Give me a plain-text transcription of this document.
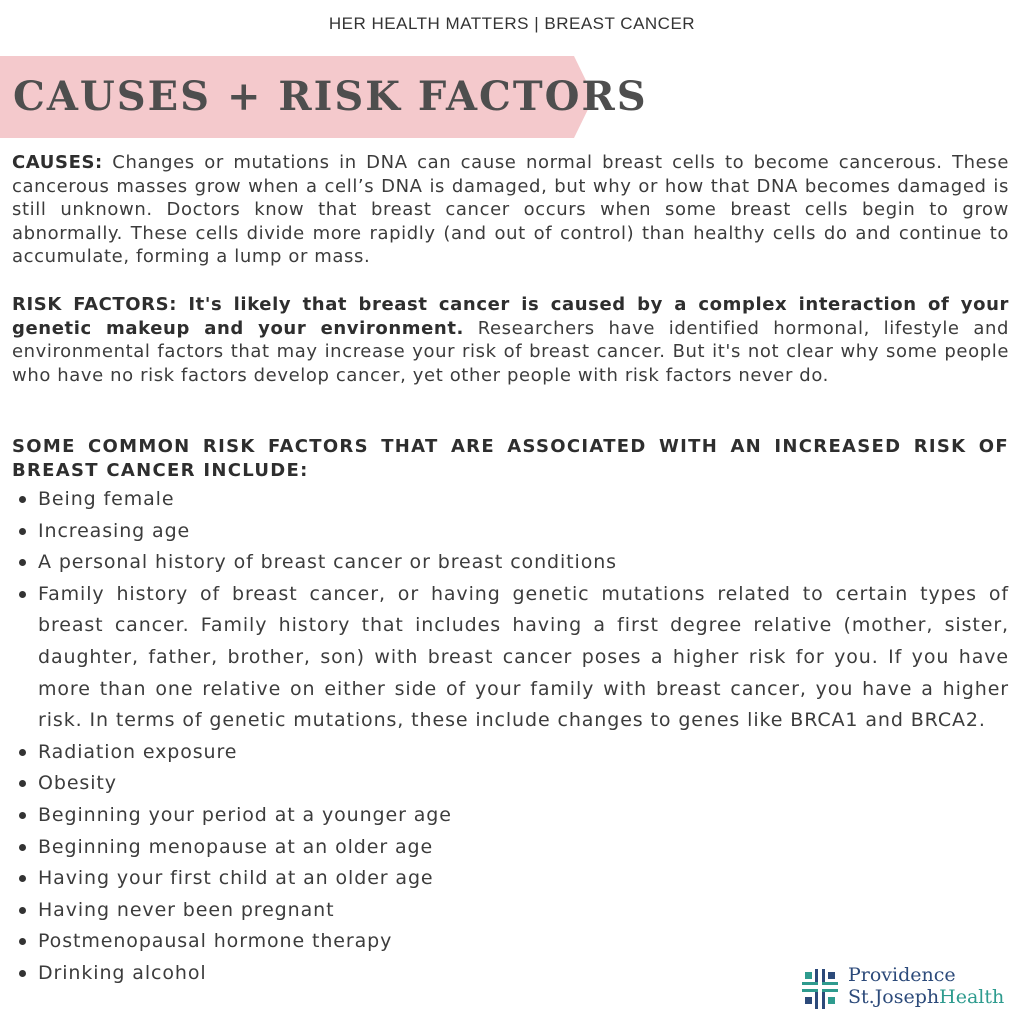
HER HEALTH MATTERS | BREAST CANCER
CAUSES + RISK FACTORS
CAUSES: Changes or mutations in DNA can cause normal breast cells to become cancerous. These cancerous masses grow when a cell’s DNA is damaged, but why or how that DNA becomes damaged is still unknown. Doctors know that breast cancer occurs when some breast cells begin to grow abnormally. These cells divide more rapidly (and out of control) than healthy cells do and continue to accumulate, forming a lump or mass.
RISK FACTORS: It's likely that breast cancer is caused by a complex interaction of your genetic makeup and your environment. Researchers have identified hormonal, lifestyle and environmental factors that may increase your risk of breast cancer. But it's not clear why some people who have no risk factors develop cancer, yet other people with risk factors never do.
SOME COMMON RISK FACTORS THAT ARE ASSOCIATED WITH AN INCREASED RISK OF BREAST CANCER INCLUDE:
Being female
Increasing age
A personal history of breast cancer or breast conditions
Family history of breast cancer, or having genetic mutations related to certain types of breast cancer. Family history that includes having a first degree relative (mother, sister, daughter, father, brother, son) with breast cancer poses a higher risk for you. If you have more than one relative on either side of your family with breast cancer, you have a higher risk. In terms of genetic mutations, these include changes to genes like BRCA1 and BRCA2.
Radiation exposure
Obesity
Beginning your period at a younger age
Beginning menopause at an older age
Having your first child at an older age
Having never been pregnant
Postmenopausal hormone therapy
Drinking alcohol	Providence
St.JosephHealth
